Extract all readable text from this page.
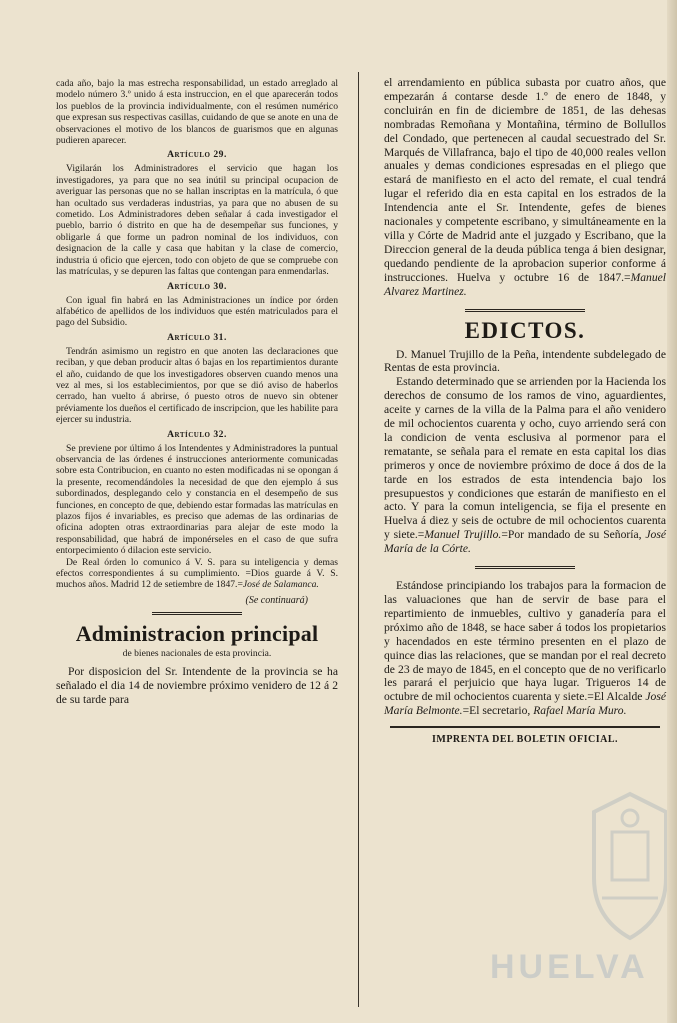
cada año, bajo la mas estrecha responsabilidad, un estado arreglado al modelo número 3.º unido á esta instruccion, en el que aparecerán todos los pueblos de la provincia individualmente, con el resúmen numérico que expresan sus respectivas casillas, cuidando de que se anote en una de observaciones el motivo de los blancos de guarismos que en algunas pudieren aparecer.

Artículo 29.

Vigilarán los Administradores el servicio que hagan los investigadores, ya para que no sea inútil su principal ocupacion de averiguar las personas que no se hallan inscriptas en la matrícula, ó que han ocultado sus verdaderas industrias, ya para que no abusen de su cometido. Los Administradores deben señalar á cada investigador el pueblo, barrio ó distrito en que ha de desempeñar sus funciones, y obligarle á que forme un padron nominal de los individuos, con designacion de la calle y casa que habitan y la clase de comercio, industria ú oficio que ejercen, todo con objeto de que se compruebe con las matrículas, y se depuren las faltas que contengan para enmendarlas.

Artículo 30.

Con igual fin habrá en las Administraciones un índice por órden alfabético de apellidos de los individuos que estén matriculados para el pago del Subsidio.

Artículo 31.

Tendrán asimismo un registro en que anoten las declaraciones que reciban, y que deban producir altas ó bajas en los repartimientos durante el año, cuidando de que los investigadores observen cuando menos una vez al mes, si los establecimientos, por que se dió aviso de haberlos cerrado, han vuelto á abrirse, ó puesto otros de nuevo sin obtener préviamente los dueños el certificado de inscripcion, que les habilite para ejercer su industria.

Artículo 32.

Se previene por último á los Intendentes y Administradores la puntual observancia de las órdenes é instrucciones anteriormente comunicadas sobre esta Contribucion, en cuanto no esten modificadas ni se opongan á la presente, recomendándoles la necesidad de que den ejemplo á sus subordinados, desplegando celo y constancia en el desempeño de sus funciones, en concepto de que, debiendo estar formadas las matrículas en plazos fijos é invariables, es preciso que ademas de las ordinarias de oficina adopten otras extraordinarias para alejar de este modo la responsabilidad, que habrá de imponérseles en el caso de que sufra entorpecimiento ó dilacion este servicio.

De Real órden lo comunico á V. S. para su inteligencia y demas efectos correspondientes á su cumplimiento. =Dios guarde á V. S. muchos años. Madrid 12 de setiembre de 1847.=José de Salamanca.

(Se continuará)
Administracion principal
de bienes nacionales de esta provincia.

Por disposicion del Sr. Intendente de la provincia se ha señalado el dia 14 de noviembre próximo venidero de 12 á 2 de su tarde para

el arrendamiento en pública subasta por cuatro años, que empezarán á contarse desde 1.º de enero de 1848, y concluirán en fin de diciembre de 1851, de las dehesas nombradas Remoñana y Montañina, término de Bollullos del Condado, que pertenecen al caudal secuestrado del Sr. Marqués de Villafranca, bajo el tipo de 40,000 reales vellon anuales y demas condiciones espresadas en el pliego que estará de manifiesto en el acto del remate, el cual tendrá lugar el referido dia en esta capital en los estrados de la Intendencia ante el Sr. Intendente, gefes de bienes nacionales y competente escribano, y simultáneamente en la villa y Córte de Madrid ante el juzgado y Escribano, que la Direccion general de la deuda pública tenga á bien designar, quedando pendiente de la aprobacion superior conforme á instrucciones. Huelva y octubre 16 de 1847.=Manuel Alvarez Martinez.

EDICTOS.

D. Manuel Trujillo de la Peña, intendente subdelegado de Rentas de esta provincia.

Estando determinado que se arrienden por la Hacienda los derechos de consumo de los ramos de vino, aguardientes, aceite y carnes de la villa de la Palma para el año venidero de mil ochocientos cuarenta y ocho, cuyo arriendo será con la condicion de venta esclusiva al pormenor para el rematante, se señala para el remate en esta capital los dias primeros y once de noviembre próximo de doce á dos de la tarde en los estrados de esta intendencia bajo los presupuestos y condiciones que estarán de manifiesto en el acto. Y para la comun inteligencia, se fija el presente en Huelva á diez y seis de octubre de mil ochocientos cuarenta y siete.=Manuel Trujillo.=Por mandado de su Señoría, José María de la Córte.

Estándose principiando los trabajos para la formacion de las valuaciones que han de servir de base para el repartimiento de inmuebles, cultivo y ganadería para el próximo año de 1848, se hace saber á todos los propietarios y hacendados en este término presenten en el plazo de quince dias las relaciones, que se mandan por el real decreto de 23 de mayo de 1845, en el concepto que de no verificarlo les parará el perjuicio que haya lugar. Trigueros 14 de octubre de mil ochocientos cuarenta y siete.=El Alcalde José María Belmonte.=El secretario, Rafael María Muro.

IMPRENTA DEL BOLETIN OFICIAL.
HUELVA
